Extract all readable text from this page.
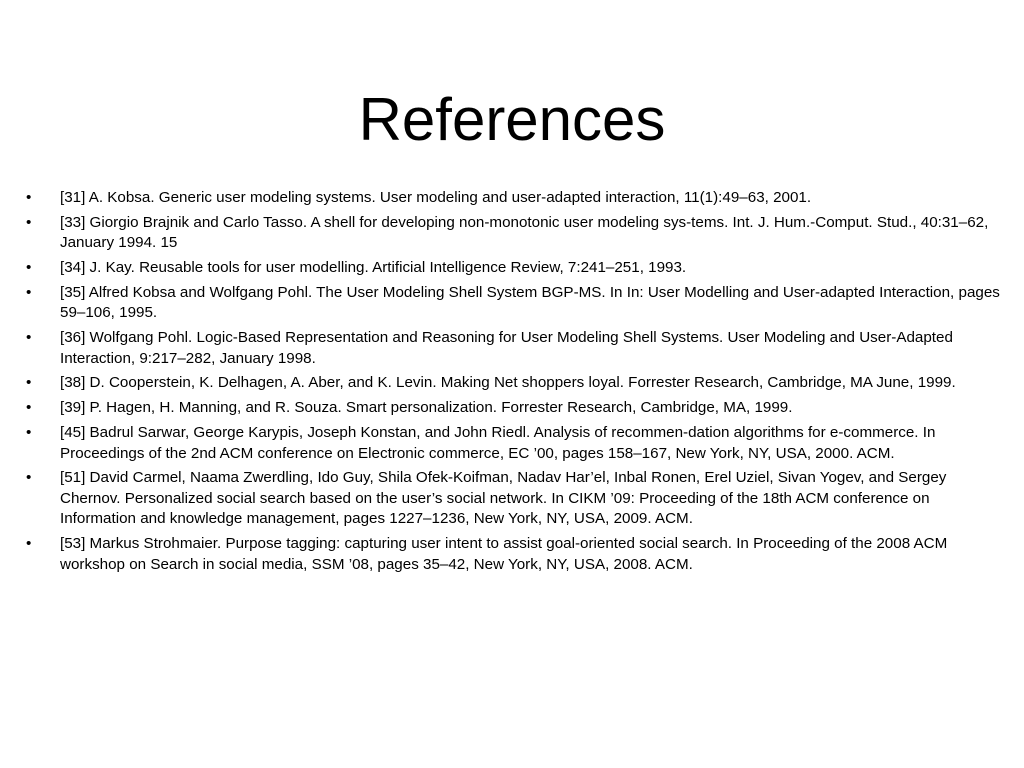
References
•	[31] A. Kobsa. Generic user modeling systems. User modeling and user-adapted interaction, 11(1):49–63, 2001.
•	[33] Giorgio Brajnik and Carlo Tasso. A shell for developing non-monotonic user modeling sys-tems. Int. J. Hum.-Comput. Stud., 40:31–62, January 1994. 15
•	[34] J. Kay. Reusable tools for user modelling. Artificial Intelligence Review, 7:241–251, 1993.
•	[35] Alfred Kobsa and Wolfgang Pohl. The User Modeling Shell System BGP-MS. In In: User Modelling and User-adapted Interaction, pages 59–106, 1995.
•	[36] Wolfgang Pohl. Logic-Based Representation and Reasoning for User Modeling Shell Systems. User Modeling and User-Adapted Interaction, 9:217–282, January 1998.
•	[38] D. Cooperstein, K. Delhagen, A. Aber, and K. Levin. Making Net shoppers loyal. Forrester Research, Cambridge, MA June, 1999.
•	[39] P. Hagen, H. Manning, and R. Souza. Smart personalization. Forrester Research, Cambridge, MA, 1999.
•	[45] Badrul Sarwar, George Karypis, Joseph Konstan, and John Riedl. Analysis of recommen-dation algorithms for e-commerce. In Proceedings of the 2nd ACM conference on Electronic commerce, EC ’00, pages 158–167, New York, NY, USA, 2000. ACM.
•	[51] David Carmel, Naama Zwerdling, Ido Guy, Shila Ofek-Koifman, Nadav Har’el, Inbal Ronen, Erel Uziel, Sivan Yogev, and Sergey Chernov. Personalized social search based on the user’s social network. In CIKM ’09: Proceeding of the 18th ACM conference on Information and knowledge management, pages 1227–1236, New York, NY, USA, 2009. ACM.
•	[53] Markus Strohmaier. Purpose tagging: capturing user intent to assist goal-oriented social search. In Proceeding of the 2008 ACM workshop on Search in social media, SSM ’08, pages 35–42, New York, NY, USA, 2008. ACM.
